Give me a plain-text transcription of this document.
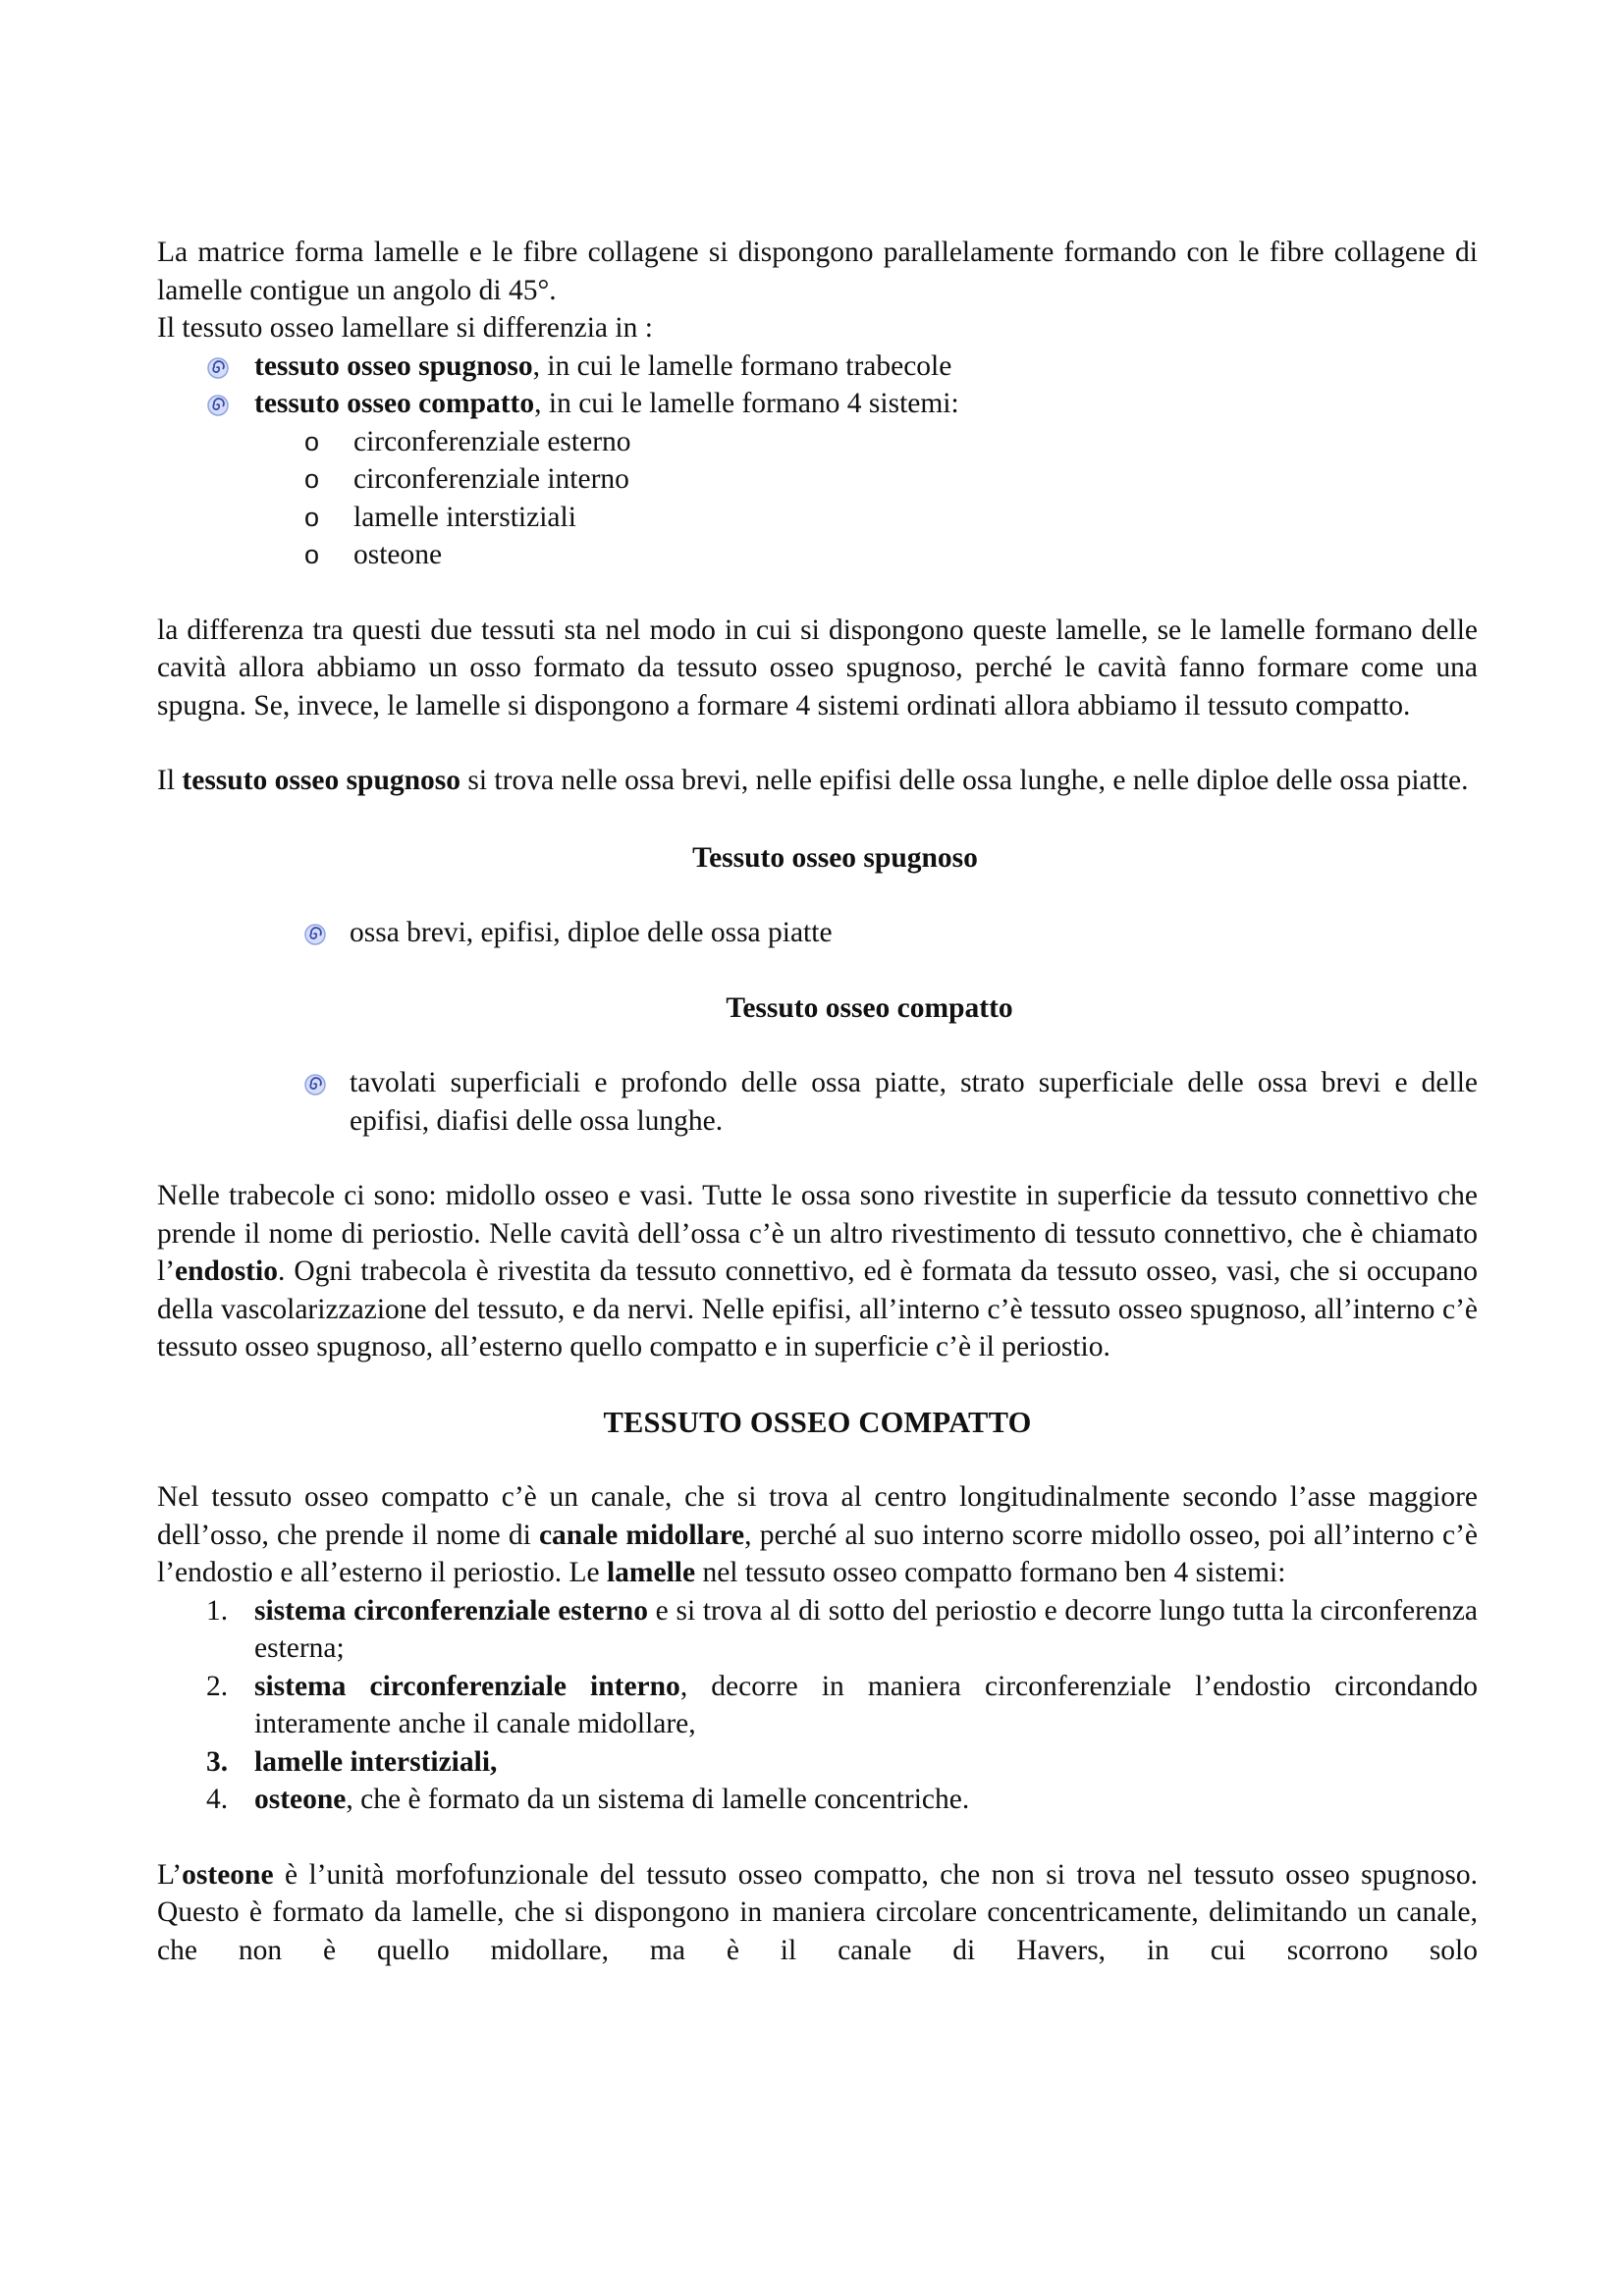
La matrice forma lamelle e le fibre collagene si dispongono parallelamente formando con le fibre collagene di lamelle contigue un angolo di 45°.

Il tessuto osseo lamellare si differenzia in :

tessuto osseo spugnoso, in cui le lamelle formano trabecole
tessuto osseo compatto, in cui le lamelle formano 4 sistemi:
o circonferenziale esterno
o circonferenziale interno
o lamelle interstiziali
o osteone

la differenza tra questi due tessuti sta nel modo in cui si dispongono queste lamelle, se le lamelle formano delle cavità allora abbiamo un osso formato da tessuto osseo spugnoso, perché le cavità fanno formare come una spugna. Se, invece, le lamelle si dispongono a formare 4 sistemi ordinati allora abbiamo il tessuto compatto.

Il tessuto osseo spugnoso si trova nelle ossa brevi, nelle epifisi delle ossa lunghe, e nelle diploe delle ossa piatte.

Tessuto osseo spugnoso
ossa brevi, epifisi, diploe delle ossa piatte
Tessuto osseo compatto
tavolati superficiali e profondo delle ossa piatte, strato superficiale delle ossa brevi e delle epifisi, diafisi delle ossa lunghe.

Nelle trabecole ci sono: midollo osseo e vasi. Tutte le ossa sono rivestite in superficie da tessuto connettivo che prende il nome di periostio. Nelle cavità dell’ossa c’è un altro rivestimento di tessuto connettivo, che è chiamato l’endostio. Ogni trabecola è rivestita da tessuto connettivo, ed è formata da tessuto osseo, vasi, che si occupano della vascolarizzazione del tessuto, e da nervi. Nelle epifisi, all’interno c’è tessuto osseo spugnoso, all’interno c’è tessuto osseo spugnoso, all’esterno quello compatto e in superficie c’è il periostio.

TESSUTO OSSEO COMPATTO

Nel tessuto osseo compatto c’è un canale, che si trova al centro longitudinalmente secondo l’asse maggiore dell’osso, che prende il nome di canale midollare, perché al suo interno scorre midollo osseo, poi all’interno c’è l’endostio e all’esterno il periostio. Le lamelle nel tessuto osseo compatto formano ben 4 sistemi:

1. sistema circonferenziale esterno e si trova al di sotto del periostio e decorre lungo tutta la circonferenza esterna;
2. sistema circonferenziale interno, decorre in maniera circonferenziale l’endostio circondando interamente anche il canale midollare,
3. lamelle interstiziali,
4. osteone, che è formato da un sistema di lamelle concentriche.

L’osteone è l’unità morfofunzionale del tessuto osseo compatto, che non si trova nel tessuto osseo spugnoso. Questo è formato da lamelle, che si dispongono in maniera circolare concentricamente, delimitando un canale, che non è quello midollare, ma è il canale di Havers, in cui scorrono solo
